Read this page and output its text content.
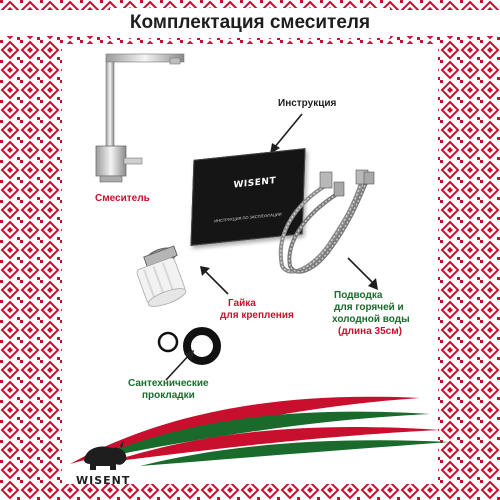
Комплектация смесителя
Смеситель
Инструкция
WISENT
ИНСТРУКЦИЯ ПО ЭКСПЛУАТАЦИИ
Подводка
для горячей и
холодной воды
(длина 35см)
Гайка
для крепления
Сантехнические
прокладки
WISENT
